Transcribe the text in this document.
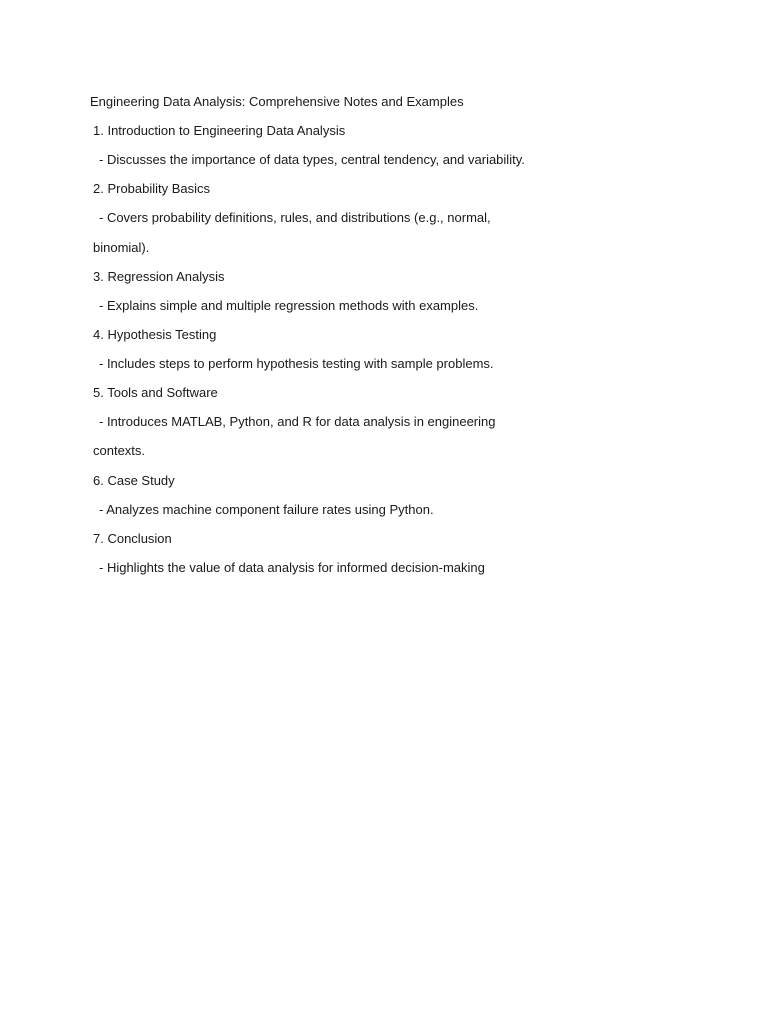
Engineering Data Analysis: Comprehensive Notes and Examples
1. Introduction to Engineering Data Analysis
- Discusses the importance of data types, central tendency, and variability.
2. Probability Basics
- Covers probability definitions, rules, and distributions (e.g., normal,
binomial).
3. Regression Analysis
- Explains simple and multiple regression methods with examples.
4. Hypothesis Testing
- Includes steps to perform hypothesis testing with sample problems.
5. Tools and Software
- Introduces MATLAB, Python, and R for data analysis in engineering
contexts.
6. Case Study
- Analyzes machine component failure rates using Python.
7. Conclusion
- Highlights the value of data analysis for informed decision-making
